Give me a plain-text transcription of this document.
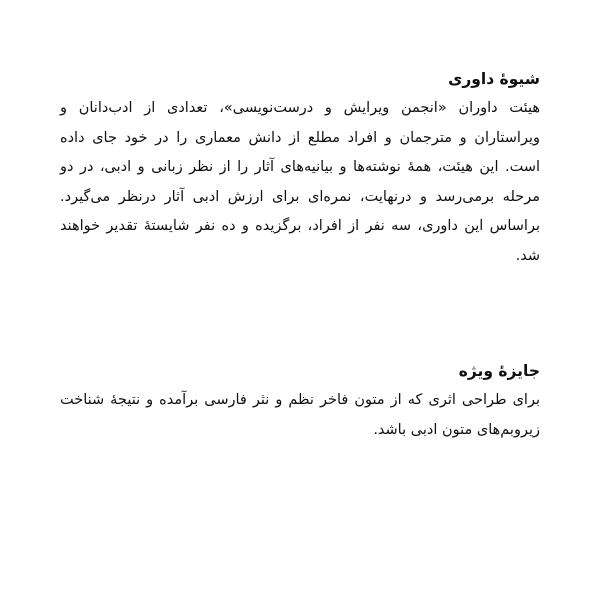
شیوهٔ داوری

هیئت داوران «انجمن ویرایش و درست‌نویسی»، تعدادی از ادب‌دانان و ویراستاران و مترجمان و افراد مطلع از دانش معماری را در خود جای داده است. این هیئت، همهٔ نوشته‌ها و بیانیه‌های آثار را از نظر زبانی و ادبی، در دو مرحله برمی‌رسد و درنهایت، نمره‌ای برای ارزش ادبی آثار درنظر می‌گیرد. براساس این داوری، سه نفر از افراد، برگزیده و ده نفر شایستهٔ تقدیر خواهند شد.

جایزهٔ ویژه

برای طراحی اثری که از متون فاخر نظم و نثر فارسی برآمده و نتیجهٔ شناخت زیروبم‌های متون ادبی باشد.
